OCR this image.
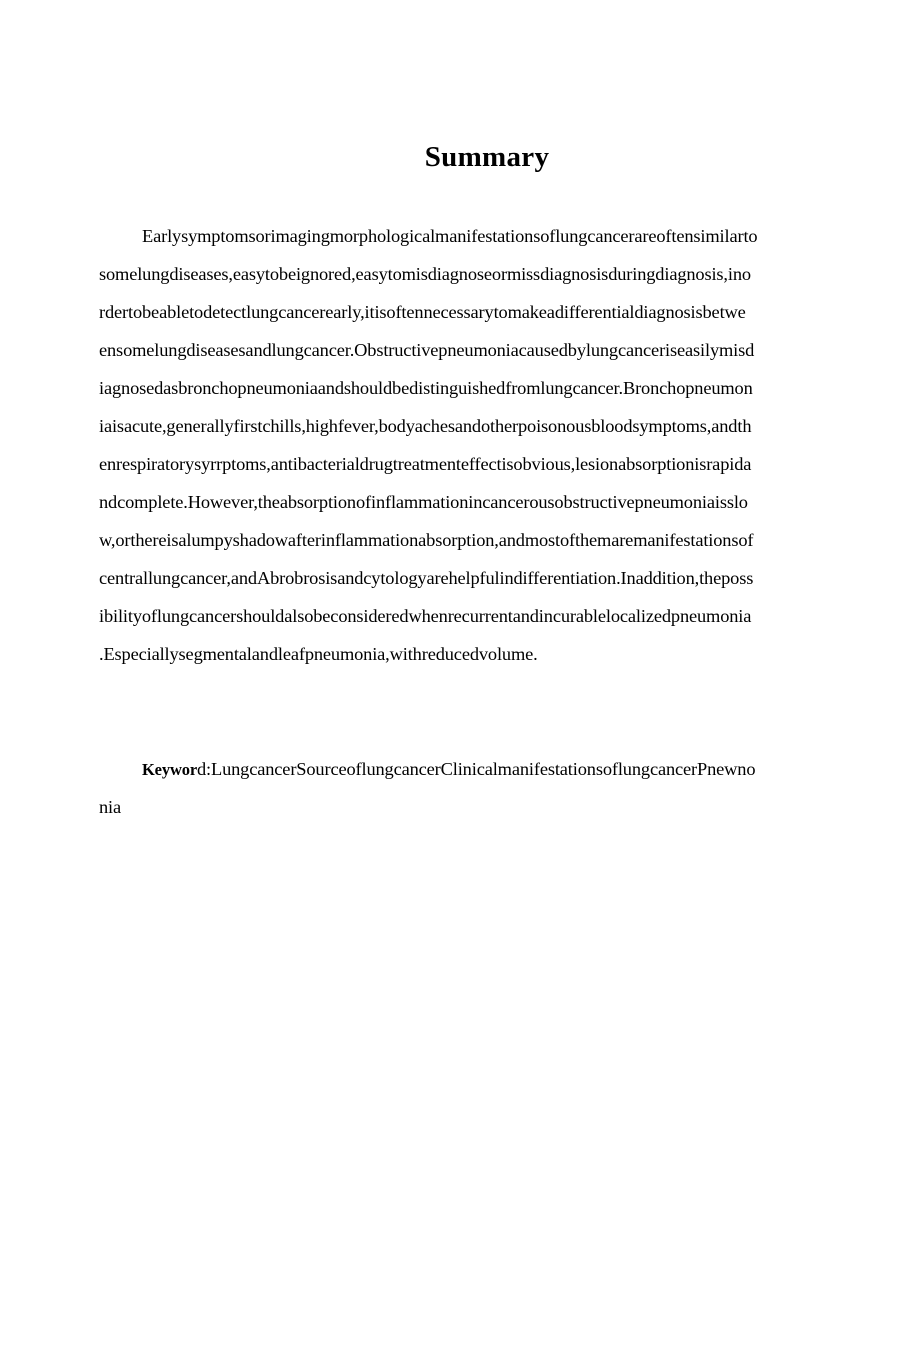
Summary
Earlysymptomsorimagingmorphologicalmanifestationsoflungcancerareoftensimilarto
somelungdiseases,easytobeignored,easytomisdiagnoseormissdiagnosisduringdiagnosis,ino
rdertobeabletodetectlungcancerearly,itisoftennecessarytomakeadifferentialdiagnosisbetwe
ensomelungdiseasesandlungcancer.Obstructivepneumoniacausedbylungcanceriseasilymisd
iagnosedasbronchopneumoniaandshouldbedistinguishedfromlungcancer.Bronchopneumon
iaisacute,generallyfirstchills,highfever,bodyachesandotherpoisonousbloodsymptoms,andth
enrespiratorysyrrptoms,antibacterialdrugtreatmenteffectisobvious,lesionabsorptionisrapida
ndcomplete.However,theabsorptionofinflammationincancerousobstructivepneumoniaisslo
w,orthereisalumpyshadowafterinflammationabsorption,andmostofthemaremanifestationsof
centrallungcancer,andAbrobrosisandcytologyarehelpfulindifferentiation.Inaddition,theposs
ibilityoflungcancershouldalsobeconsideredwhenrecurrentandincurablelocalizedpneumonia
.Especiallysegmentalandleafpneumonia,withreducedvolume.
Keyword:LungcancerSourceoflungcancerClinicalmanifestationsoflungcancerPnewno
nia
